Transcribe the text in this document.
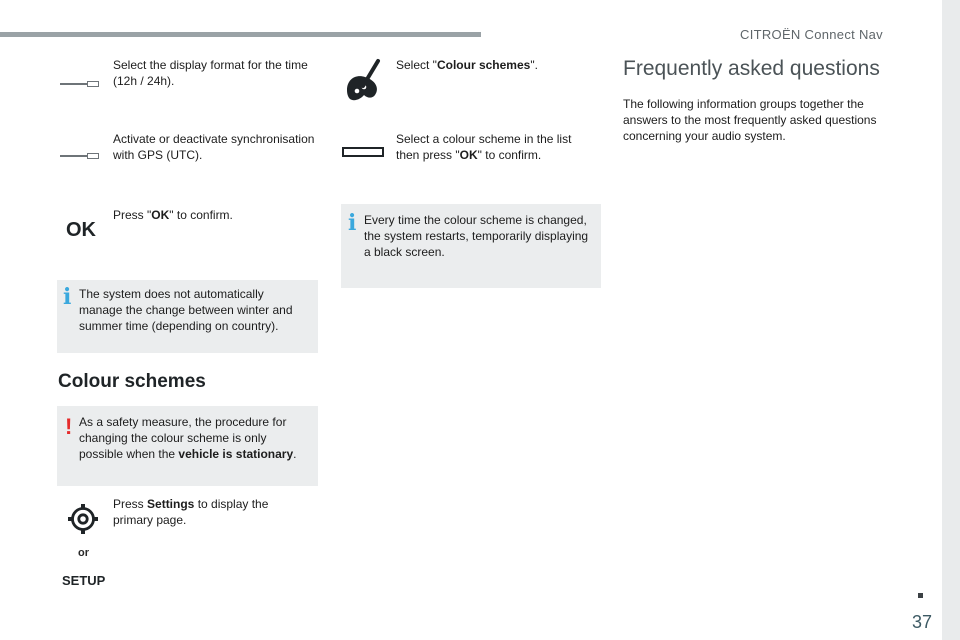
CITROËN Connect Nav
37
Select the display format for the time (12h / 24h).
Activate or deactivate synchronisation with GPS (UTC).
OK
Press "OK" to confirm.
i The system does not automatically manage the change between winter and summer time (depending on country).
Colour schemes
! As a safety measure, the procedure for changing the colour scheme is only possible when the vehicle is stationary.
Press Settings to display the primary page.
or
SETUP
Select "Colour schemes".
Select a colour scheme in the list then press "OK" to confirm.
i Every time the colour scheme is changed, the system restarts, temporarily displaying a black screen.
Frequently asked questions
The following information groups together the answers to the most frequently asked questions concerning your audio system.
